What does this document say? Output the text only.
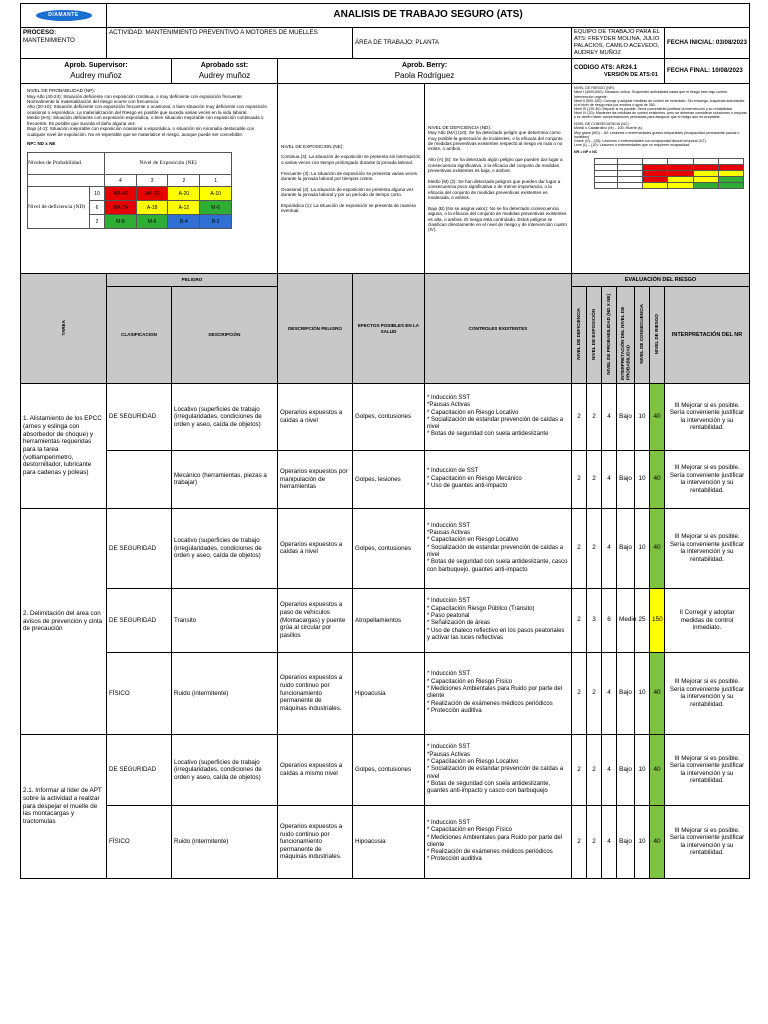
DIAMANTE	ANALISIS DE TRABAJO SEGURO (ATS)

PROCESO:
MANTENIMIENTO
	ACTIVIDAD: MANTENIMIENTO PREVENTIVO A MOTORES DE MUELLES	ÁREA DE TRABAJO: PLANTA	EQUIPO DE TRABAJO PARA EL ATS: FREYDER MOLINA, JULIO PALACIOS, CAMILO ACEVEDO, AUDREY MUÑOZ	FECHA INICIAL: 03/08/2023

Aprob. Supervisor:
Audrey muñoz

Aprobado sst:
Audrey muñoz

Aprob. Berry:
Paola Rodríguez
	CODIGO ATS: AR24.1 VERSIÓN DE ATS:01	FECHA FINAL: 10/08/2023

NIVEL DE PROBABILIDAD (NP):
Muy Alto (40-24): Situación deficiente con exposición continua, o muy deficiente con exposición frecuente. Normalmente la materialización del riesgo ocurre con frecuencia.
Alto (20-10): Situación deficiente con exposición frecuente u ocasional, o bien situación muy deficiente con exposición ocasional o esporádica. La materialización del Riesgo es posible que suceda varias veces en la vida laboral.
Medio (8-6): Situación deficiente con exposición esporádica, o bien situación mejorable con exposición continuada o frecuente. Es posible que suceda el daño alguna vez.
Bajo (4-2): Situación mejorable con exposición ocasional o esporádica, o situación sin Anomalía destacable con cualquier nivel de exposición. No es esperable que se materialice el riesgo, aunque puede ser concebible.
NP= ND x NE
Niveles de Probabilidad	Nivel de Exposición (NE)
	4	3	2	1
Nivel de deficiencia (ND)	10	MA-40	MA-30	A-20	A-10
6	MA-24	A-18	A-12	M-6
2	M-8	M-6	B-4	B-2

NIVEL DE EXPOSICION (NE):

Continua (4): La situación de exposición se presenta sin interrupción o varias veces con tiempo prolongado durante la jornada laboral.

Frecuente (3): La situación de exposición se presenta varias veces durante la jornada laboral por tiempos cortos.

Ocasional (2): La situación de exposición se presenta alguna vez durante la jornada laboral y por un período de tiempo corto.

Esporádica (1): La situación de exposición se presenta de manera eventual.

NIVEL DE DEFICIENCIA (ND):
Muy Alto (MA) (10): Se ha detectado peligro que determina como muy posible la generación de incidentes, o la eficacia del conjunto de medidas preventivas existentes respecto al riesgo es nula o no existe, o ambos.

Alto (A) (6): Se ha detectado algún peligro que pueden dar lugar a consecuencia significativa, o la eficacia del conjunto de medidas preventivas existentes es baja, o ambos.

Medio (M) (2): Se han detectado peligros que pueden dar lugar a consecuencia poco significativa o de menor importancia, o la eficacia del conjunto de medidas preventivas existentes es moderada, o ambos.

Bajo (B) (No se asigna valor): No se ha detectado consecuencia alguna, o la eficacia del conjunto de medidas preventivas existentes es alta, o ambos. El riesgo está controlado. Estos peligros se clasifican directamente en el nivel de riesgo y de intervención cuatro (IV).

NIVEL DE RIESGO (NR):
Nivel I (4000-600): Situación crítica. Suspender actividades hasta que el riesgo esté bajo control. Intervención urgente.
Nivel II (500-150): Corregir y adoptar medidas de control de inmediato. Sin embargo, suspenda actividades si el nivel de riesgo está por encima o igual de 360.
Nivel III (120-40): Mejorar si es posible. Sería conveniente justificar la intervención y su rentabilidad.
Nivel IV (20): Mantener las medidas de control existentes, pero se deberían considerar soluciones o mejoras y se deben hacer comprobaciones periódicas para asegurar que el riesgo aún es aceptable.
NIVEL DE CONSECUENCIA (NC):
Mortal o Catastrófico (M) – 100: Muerte (s).
Muy grave (MG) – 60: Lesiones o enfermedades graves irreparables (Incapacidad permanente parcial o invalidez).
Grave (G) – (25): Lesiones o enfermedades con incapacidad laboral temporal (ILT).
Leve (L) – (10): Lesiones o enfermedades que no requieren incapacidad.
NR = NP x NC

TAREA	PELIGRO	DESCRIPCIÓN PELIGRO	EFECTOS POSIBLES EN LA SALUD	CONTROLES EXISTENTES	EVALUACIÓN DEL RIESGO
CLASIFICACION	DESCRIPCIÓN	NIVEL DE DEFICIENCIA	NIVEL DE EXPOSICIÓN	NIVEL DE PROBABILIDAD (ND X NE)	INTERPRETACIÓN DEL NIVEL DE PROBABILIDAD	NIVEL DE CONSECUENCIA	NIVEL DE RIESGO	INTERPRETACIÓN DEL NR
1. Alistamiento de los EPCC (arnes y eslinga con absorbedor de choque) y herramientas requeridas para la tarea (voltiamperimetro, destornillador, lubricante para cadenas y poleas)	DE SEGURIDAD	Locativo (superficies de trabajo (irregularidades, condiciones de orden y aseo, caída de objetos)	Operarios expuestos a caídas a nivel	Golpes, contusiones	* Inducción SST
*Pausas Activas
* Capacitación en Riesgo Locativo
* Socialización de estandar prevención de caídas a nivel
* Botas de seguridad con suela antideslizante	2	2	4	Bajo	10	40	III Mejorar si es posible. Sería conveniente justificar la intervención y su rentabilidad.
	Mecánico (herramientas, piezas a trabajar)	Operarios expuestos por manipulación de herramientas	Golpes, lesiones	* Inducción de SST
* Capacitación en Riesgo Mecánico
* Uso de guantes anti-impacto	2	2	4	Bajo	10	40	III Mejorar si es posible. Sería conveniente justificar la intervención y su rentabilidad.
2. Delimitación del área con avisos de prevención y cinta de precaución	DE SEGURIDAD	Locativo (superficies de trabajo (irregularidades, condiciones de orden y aseo, caída de objetos)	Operarios expuestos a caídas a nivel	Golpes, contusiones	* Inducción SST
*Pausas Activas
* Capacitación en Riesgo Locativo
* Socialización de estandar prevención de caídas a nivel
* Botas de seguridad con suela antideslizante, casco con barbuquejo, guantes anti-impacto	2	2	4	Bajo	10	40	III Mejorar si es posible. Sería conveniente justificar la intervención y su rentabilidad.
DE SEGURIDAD	Transito	Operarios expuestos a paso de vehículos (Montacargas) y puente grúa al circular por pasillos	Atropellamientos	* Inducción SST
* Capacitación Riesgo Público (Tránsito)
* Paso peatonal
* Señalización de áreas
* Uso de chaleco reflectivo en los pasos peatonales y activar las luces reflectivas	2	3	6	Medio	25	150	II Corregir y adoptar medidas de control inmediato.
FÍSICO	Ruido (intermitente)	Operarios expuestos a ruido continuo por funcionamiento permanente de máquinas industriales.	Hipoacusia	* Inducción SST
* Capacitación en Riesgo Físico
* Mediciones Ambientales para Ruido por parte del cliente
* Realización de exámenes médicos periódicos
* Protección auditiva	2	2	4	Bajo	10	40	III Mejorar si es posible. Sería conveniente justificar la intervención y su rentabilidad.
2.1. Informar al líder de APT sobre la actividad a realizar para despejar el muelle de las montacargas y tractomulas	DE SEGURIDAD	Locativo (superficies de trabajo (irregularidades, condiciones de orden y aseo, caída de objetos)	Operarios expuestos a caídas a mismo nivel	Golpes, contusiones	* Inducción SST
*Pausas Activas
* Capacitación en Riesgo Locativo
* Socialización de estandar prevención de caídas a nivel
* Botas de seguridad con suela antideslizante, guantes anti-impacto y casco con barbuquejo	2	2	4	Bajo	10	40	III Mejorar si es posible. Sería conveniente justificar la intervención y su rentabilidad.
FÍSICO	Ruido (intermitente)	Operarios expuestos a ruido continuo por funcionamiento permanente de máquinas industriales.	Hipoacusia	* Inducción SST
* Capacitación en Riesgo Físico
* Mediciones Ambientales para Ruido por parte del cliente
* Realización de exámenes médicos periódicos
* Protección auditiva	2	2	4	Bajo	10	40	III Mejorar si es posible. Sería conveniente justificar la intervención y su rentabilidad.
